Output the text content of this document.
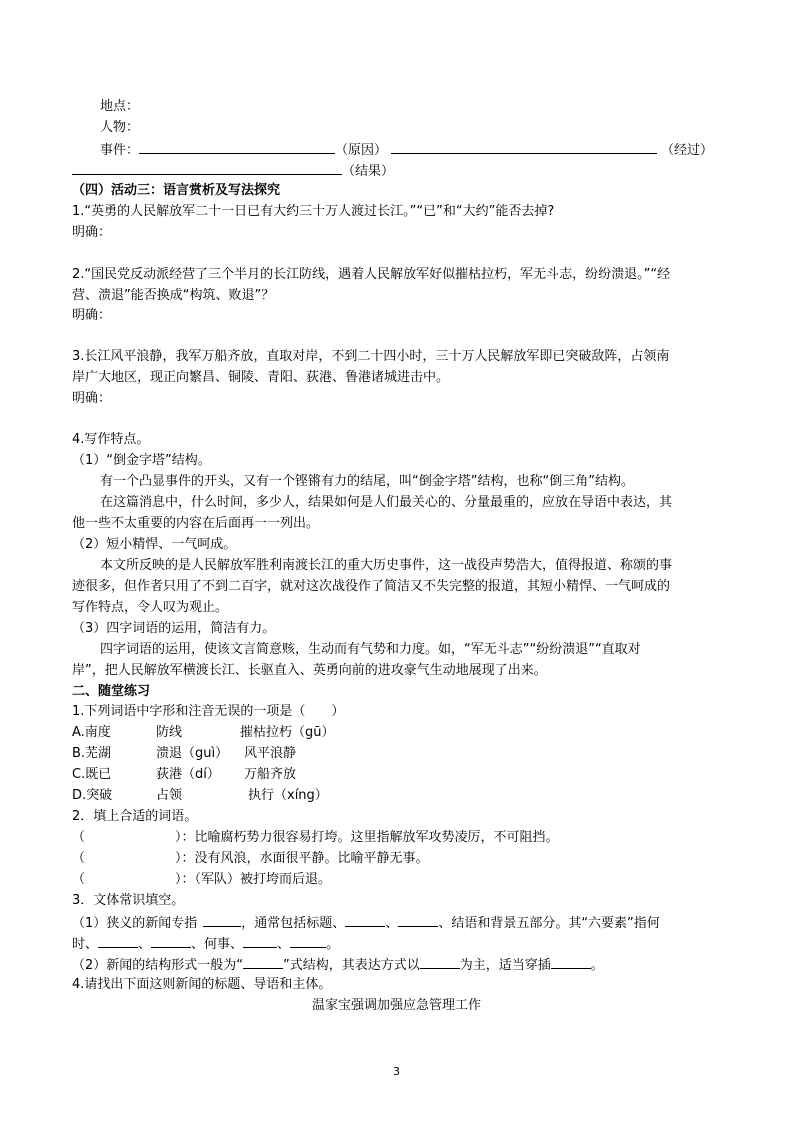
地点：
人物：
事件：	（原因）	（经过）
（结果）
（四）活动三：语言赏析及写法探究
1.“英勇的人民解放军二十一日已有大约三十万人渡过长江。”“已”和“大约”能否去掉?
明确：
2.“国民党反动派经营了三个半月的长江防线，遇着人民解放军好似摧枯拉朽，军无斗志，纷纷溃退。”“经
营、溃退”能否换成“构筑、败退”？
明确：
3.长江风平浪静，我军万船齐放，直取对岸，不到二十四小时，三十万人民解放军即已突破敌阵，占领南
岸广大地区，现正向繁昌、铜陵、青阳、荻港、鲁港诸城进击中。
明确：
4.写作特点。
（1）“倒金字塔”结构。
有一个凸显事件的开头，又有一个铿锵有力的结尾，叫“倒金字塔”结构，也称“倒三角”结构。
在这篇消息中，什么时间，多少人，结果如何是人们最关心的、分量最重的，应放在导语中表达，其
他一些不太重要的内容在后面再一一列出。
（2）短小精悍、一气呵成。
本文所反映的是人民解放军胜利南渡长江的重大历史事件，这一战役声势浩大，值得报道、称颂的事
迹很多，但作者只用了不到二百字，就对这次战役作了简洁又不失完整的报道，其短小精悍、一气呵成的
写作特点，令人叹为观止。
（3）四字词语的运用，简洁有力。
四字词语的运用，使该文言简意赅，生动而有气势和力度。如，“军无斗志”“纷纷溃退”“直取对
岸”，把人民解放军横渡长江、长驱直入、英勇向前的进攻豪气生动地展现了出来。
二、随堂练习
1.下列词语中字形和注音无误的一项是（　　）
A.南度	防线	摧枯拉朽（gū）
B.芜湖	溃退（guì） 风平浪静
C.既已	荻港（dí） 万船齐放
D.突破	占领	执行（xíng）
2．填上合适的词语。
（	）：比喻腐朽势力很容易打垮。这里指解放军攻势凌厉，不可阻挡。
（	）：没有风浪，水面很平静。比喻平静无事。
（	）：（军队）被打垮而后退。
3．文体常识填空。
（1）狭义的新闻专指	，通常包括标题、	、	、结语和背景五部分。其“六要素”指何
时、	、	、何事、	、	。
（2）新闻的结构形式一般为“	”式结构，其表达方式以	为主，适当穿插	。
4.请找出下面这则新闻的标题、导语和主体。
温家宝强调加强应急管理工作
3
